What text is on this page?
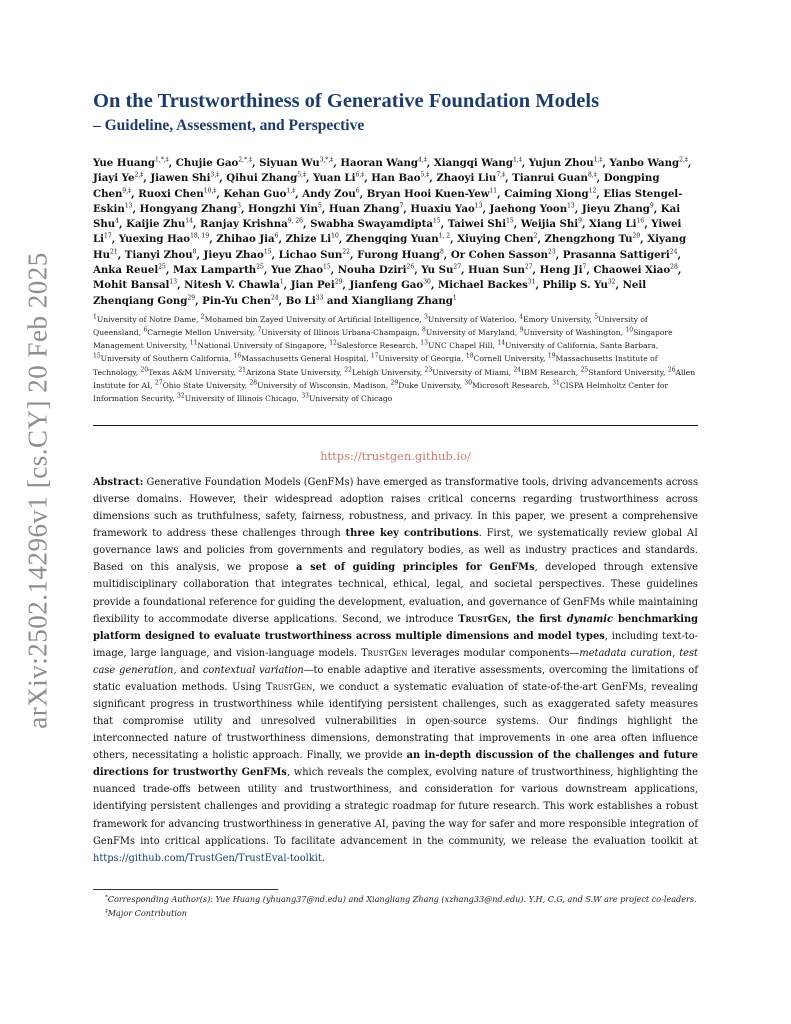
arXiv:2502.14296v1 [cs.CY] 20 Feb 2025
On the Trustworthiness of Generative Foundation Models
– Guideline, Assessment, and Perspective

Yue Huang$^{1,*,\ddagger}$, Chujie Gao$^{2,*,\ddagger}$, Siyuan $Wu^{3,*,\ddagger}$, Haoran Wang$^{4,\ddagger}$, Xiangqi Wang$^{1,\ddagger}$, Yujun Zhou$^{1,\ddagger}$, Yanbo Wang$^{2,\ddagger}$, Jiayi $Ye^{2,\ddagger}$, Jiawen Shi$^{3,\ddagger}$, Qihui Zhang$^{5,\ddagger}$, Yuan $Li^{6,\ddagger}$, Han Bao$^{5,\ddagger}$, Zhaoyi Liu$^{7,\ddagger}$, Tianrui Guan$^{8,\ddagger}$, Dongping Chen$^{9,\ddagger}$, Ruoxi Chen$^{10,\ddagger}$, Kehan Guo$^{1,\ddagger}$, Andy Zou$^6$, Bryan Hooi Kuen-Yew$^{11}$, Caiming Xiong$^{12}$, Elias Stengel-Eskin$^{13}$, Hongyang Zhang$^3$, Hongzhi Yin$^5$, Huan Zhang$^7$, Huaxiu Yao$^{13}$, Jaehong Yoon$^{13}$, Jieyu Zhang$^9$, Kai Shu$^4$, Kaijie Zhu$^{14}$, Ranjay Krishna$^{9, 26}$, Swabha Swayamdipta$^{15}$, Taiwei Shi$^{15}$, Weijia Shi$^9$, Xiang Li$^{16}$, Yiwei Li$^{17}$, Yuexing Hao$^{18, 19}$, Zhihao Jia$^6$, Zhize Li$^{10}$, Zhengqing Yuan$^{1, 2}$, Xiuying Chen$^2$, Zhengzhong Tu$^{20}$, Xiyang Hu$^{21}$, Tianyi Zhou$^8$, Jieyu Zhao$^{15}$, Lichao Sun$^{22}$, Furong Huang$^8$, Or Cohen Sasson$^{23}$, Prasanna Sattigeri$^{24}$, Anka Reuel$^{25}$, Max Lamparth$^{25}$, Yue Zhao$^{15}$, Nouha Dziri$^{26}$, Yu Su$^{27}$, Huan Sun$^{27}$, Heng Ji$^7$, Chaowei Xiao$^{28}$, Mohit Bansal$^{13}$, Nitesh V. Chawla$^1$, Jian Pei$^{29}$, Jianfeng Gao$^{30}$, Michael Backes$^{31}$, Philip S. Yu$^{32}$, Neil Zhenqiang Gong$^{29}$, Pin-Yu Chen$^{24}$, Bo Li$^{33}$ and Xiangliang Zhang$^1$

$^1$University of Notre Dame, $^2$Mohamed bin Zayed University of Artificial Intelligence, $^3$University of Waterloo, $^4$Emory University, $^5$University of Queensland, $^6$Carnegie Mellon University, $^7$University of Illinois Urbana-Champaign, $^8$University of Maryland, $^9$University of Washington, $^{10}$Singapore Management University, $^{11}$National University of Singapore, $^{12}$Salesforce Research, $^{13}$UNC Chapel Hill, $^{14}$University of California, Santa Barbara, $^{15}$University of Southern California, $^{16}$Massachusetts General Hospital, $^{17}$University of Georgia, $^{18}$Cornell University, $^{19}$Massachusetts Institute of Technology, $^{20}$Texas A&M University, $^{21}$Arizona State University, $^{22}$Lehigh University, $^{23}$University of Miami, $^{24}$IBM Research, $^{25}$Stanford University, $^{26}$Allen Institute for AI, $^{27}$Ohio State University, $^{28}$University of Wisconsin, Madison, $^{29}$Duke University, $^{30}$Microsoft Research, $^{31}$CISPA Helmholtz Center for Information Security, $^{32}$University of Illinois Chicago, $^{33}$University of Chicago

https://trustgen.github.io/

Abstract: Generative Foundation Models (GenFMs) have emerged as transformative tools, driving advancements across diverse domains. However, their widespread adoption raises critical concerns regarding trustworthiness across dimensions such as truthfulness, safety, fairness, robustness, and privacy. In this paper, we present a comprehensive framework to address these challenges through three key contributions. First, we systematically review global AI governance laws and policies from governments and regulatory bodies, as well as industry practices and standards. Based on this analysis, we propose a set of guiding principles for GenFMs, developed through extensive multidisciplinary collaboration that integrates technical, ethical, legal, and societal perspectives. These guidelines provide a foundational reference for guiding the development, evaluation, and governance of GenFMs while maintaining flexibility to accommodate diverse applications. Second, we introduce TrustGen, the first dynamic benchmarking platform designed to evaluate trustworthiness across multiple dimensions and model types, including text-to-image, large language, and vision-language models. TrustGen leverages modular components—metadata curation, test case generation, and contextual variation—to enable adaptive and iterative assessments, overcoming the limitations of static evaluation methods. Using TrustGen, we conduct a systematic evaluation of state-of-the-art GenFMs, revealing significant progress in trustworthiness while identifying persistent challenges, such as exaggerated safety measures that compromise utility and unresolved vulnerabilities in open-source systems. Our findings highlight the interconnected nature of trustworthiness dimensions, demonstrating that improvements in one area often influence others, necessitating a holistic approach. Finally, we provide an in-depth discussion of the challenges and future directions for trustworthy GenFMs, which reveals the complex, evolving nature of trustworthiness, highlighting the nuanced trade-offs between utility and trustworthiness, and consideration for various downstream applications, identifying persistent challenges and providing a strategic roadmap for future research. This work establishes a robust framework for advancing trustworthiness in generative AI, paving the way for safer and more responsible integration of GenFMs into critical applications. To facilitate advancement in the community, we release the evaluation toolkit at https://github.com/TrustGen/TrustEval-toolkit.

*Corresponding Author(s): Yue Huang (yhuang37@nd.edu) and Xiangliang Zhang (xzhang33@nd.edu). Y.H, C.G, and S.W are project co-leaders.

‡Major Contribution
